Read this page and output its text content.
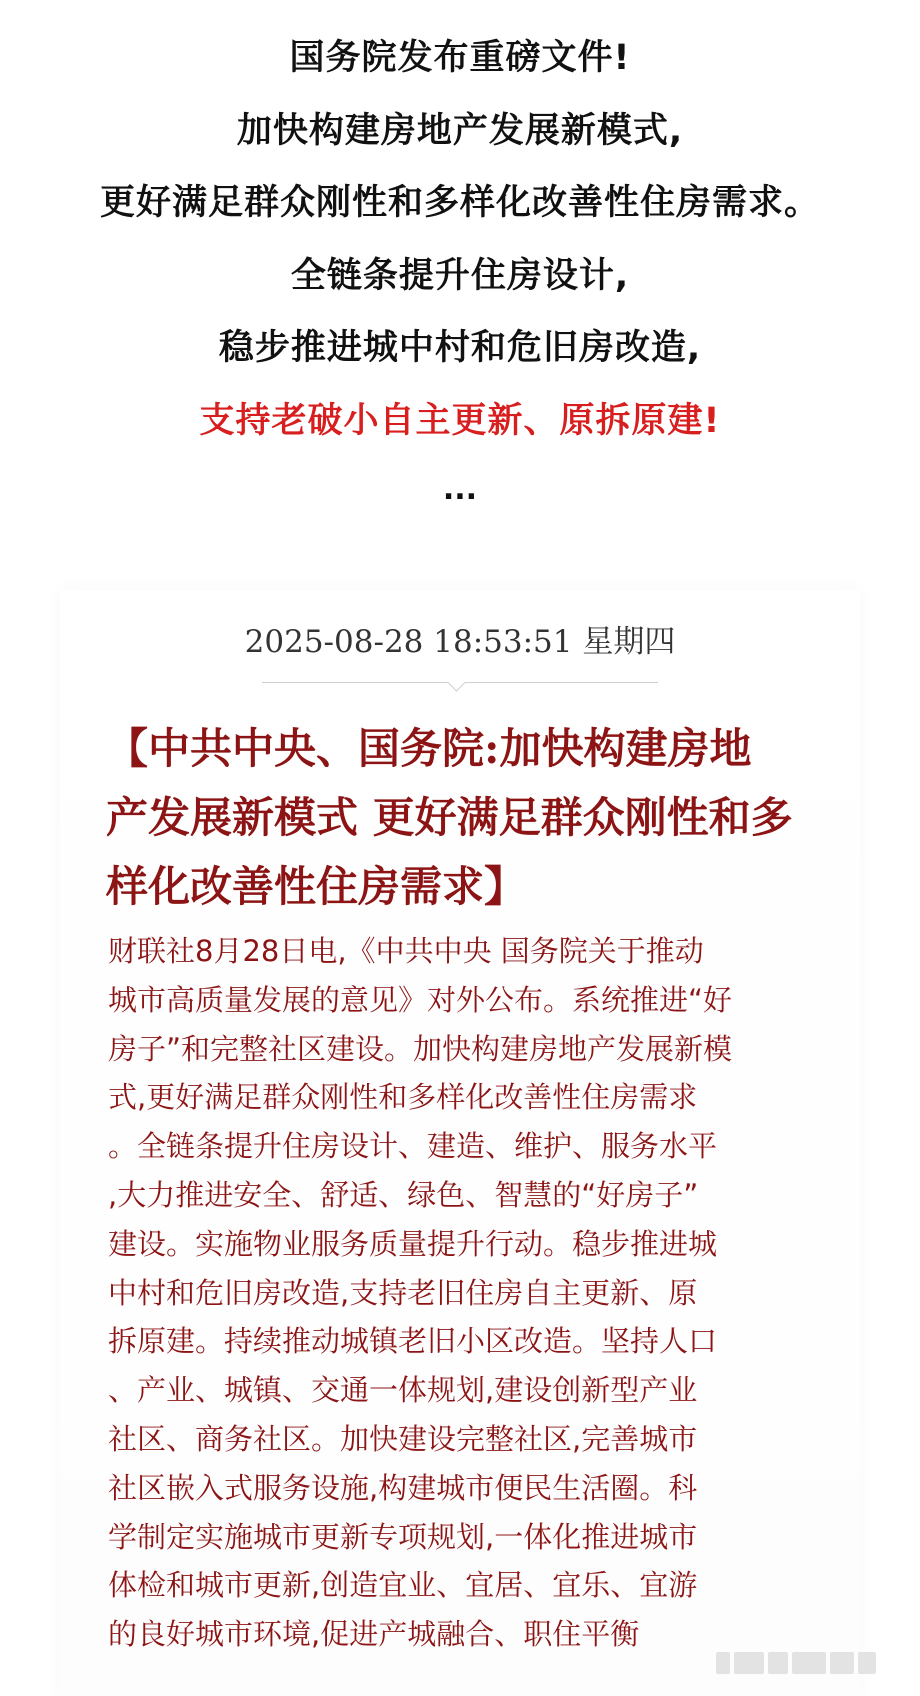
国务院发布重磅文件!
加快构建房地产发展新模式,
更好满足群众刚性和多样化改善性住房需求。
全链条提升住房设计,
稳步推进城中村和危旧房改造,
支持老破小自主更新、原拆原建!
...
2025-08-28 18:53:51 星期四
【中共中央、国务院:加快构建房地
产发展新模式 更好满足群众刚性和多
样化改善性住房需求】
财联社8月28日电,《中共中央 国务院关于推动
城市高质量发展的意见》对外公布。系统推进“好
房子”和完整社区建设。加快构建房地产发展新模
式,更好满足群众刚性和多样化改善性住房需求
。全链条提升住房设计、建造、维护、服务水平
,大力推进安全、舒适、绿色、智慧的“好房子”
建设。实施物业服务质量提升行动。稳步推进城
中村和危旧房改造,支持老旧住房自主更新、原
拆原建。持续推动城镇老旧小区改造。坚持人口
、产业、城镇、交通一体规划,建设创新型产业
社区、商务社区。加快建设完整社区,完善城市
社区嵌入式服务设施,构建城市便民生活圈。科
学制定实施城市更新专项规划,一体化推进城市
体检和城市更新,创造宜业、宜居、宜乐、宜游
的良好城市环境,促进产城融合、职住平衡
